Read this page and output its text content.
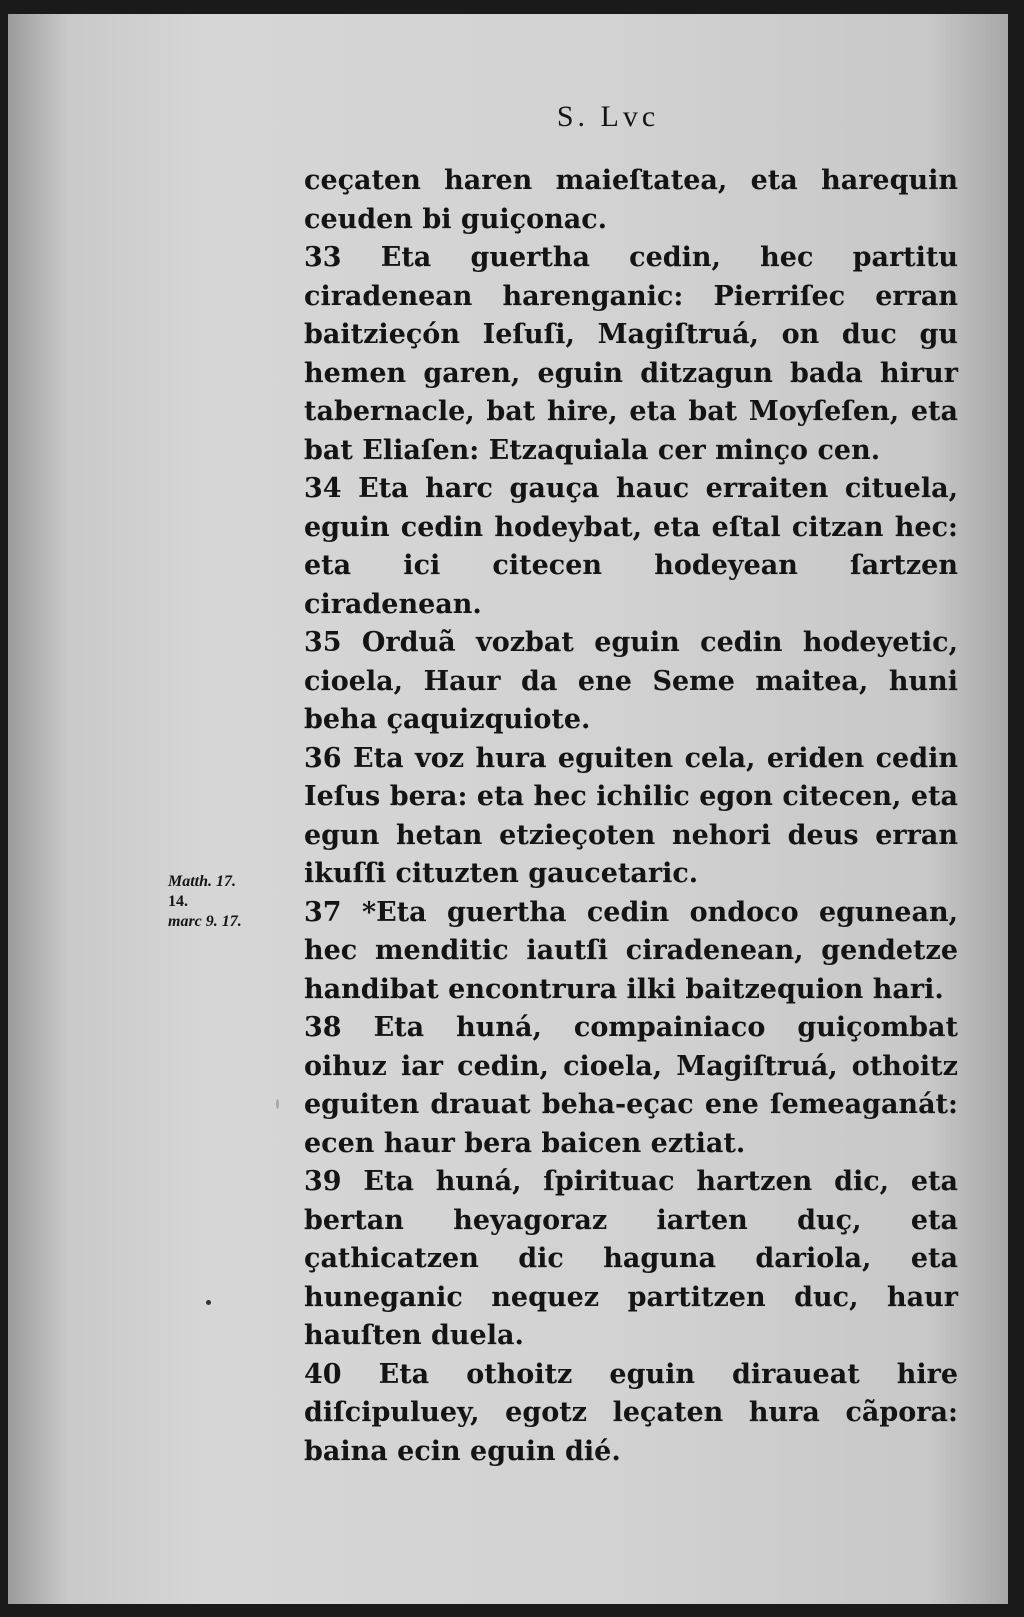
S. Lvc

ceçaten haren maieſtatea, eta harequin ceuden bi guiçonac.

33 Eta guertha cedin, hec partitu ciradenean harenganic: Pierriſec erran baitzieçón Ieſuſi, Magiſtruá, on duc gu hemen garen, eguin ditzagun bada hirur tabernacle, bat hire, eta bat Moyſeſen, eta bat Eliaſen: Etzaquiala cer minço cen.

34 Eta harc gauça hauc erraiten cituela, eguin cedin hodeybat, eta eſtal citzan hec: eta ici citecen hodeyean ſartzen ciradenean.

35 Orduã vozbat eguin cedin hodeyetic, cioela, Haur da ene Seme maitea, huni beha çaquizquiote.

36 Eta voz hura eguiten cela, eriden cedin Ieſus bera: eta hec ichilic egon citecen, eta egun hetan etzieçoten nehori deus erran ikuſſi cituzten gaucetaric.

37 *Eta guertha cedin ondoco egunean, hec menditic iautſi ciradenean, gendetze handibat encontrura ilki baitzequion hari.

38 Eta huná, compainiaco guiçombat oihuz iar cedin, cioela, Magiſtruá, othoitz eguiten drauat beha-eçac ene ſemeaganát: ecen haur bera baicen eztiat.

39 Eta huná, ſpirituac hartzen dic, eta bertan heyagoraz iarten duç, eta çathicatzen dic haguna dariola, eta huneganic nequez partitzen duc, haur hauſten duela.

40 Eta othoitz eguin diraueat hire diſcipuluey, egotz leçaten hura cãpora: baina ecin eguin dié.

Matth. 17.
14.
marc 9. 17.
